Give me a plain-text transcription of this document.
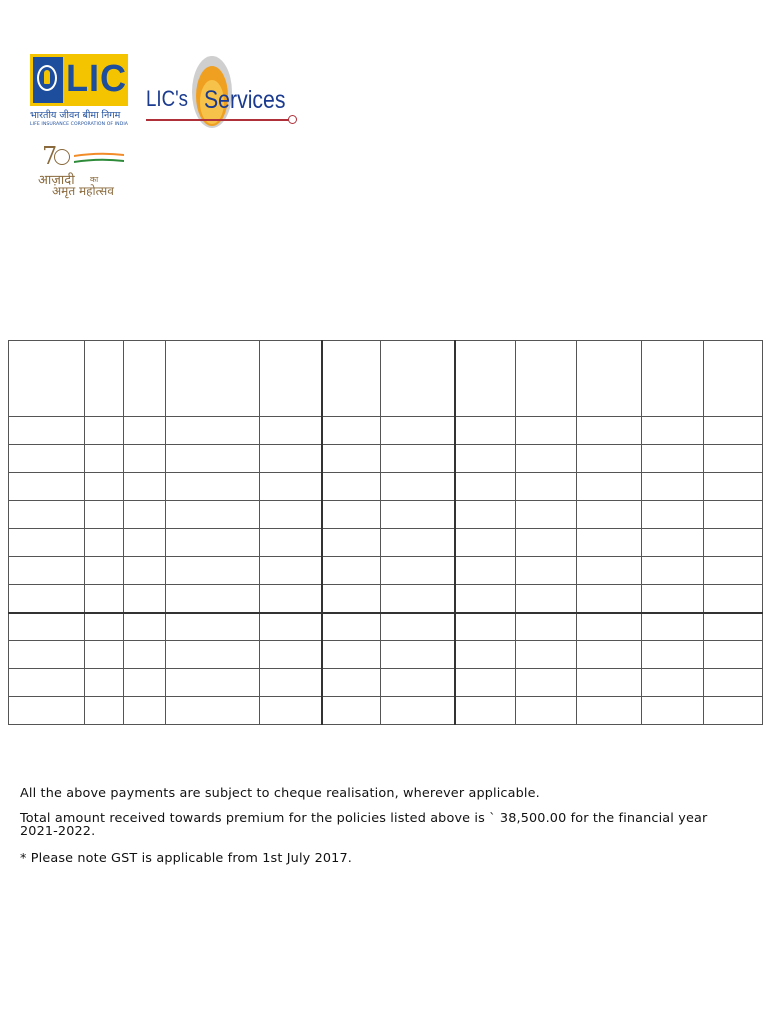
LIC
भारतीय जीवन बीमा निगम
LIFE INSURANCE CORPORATION OF INDIA
LIC's Services
7
आज़ादी का
अमृत महोत्सव

All the above payments are subject to cheque realisation, wherever applicable.
Total amount received towards premium for the policies listed above is ` 38,500.00 for the financial year
2021-2022.
* Please note GST is applicable from 1st July 2017.
